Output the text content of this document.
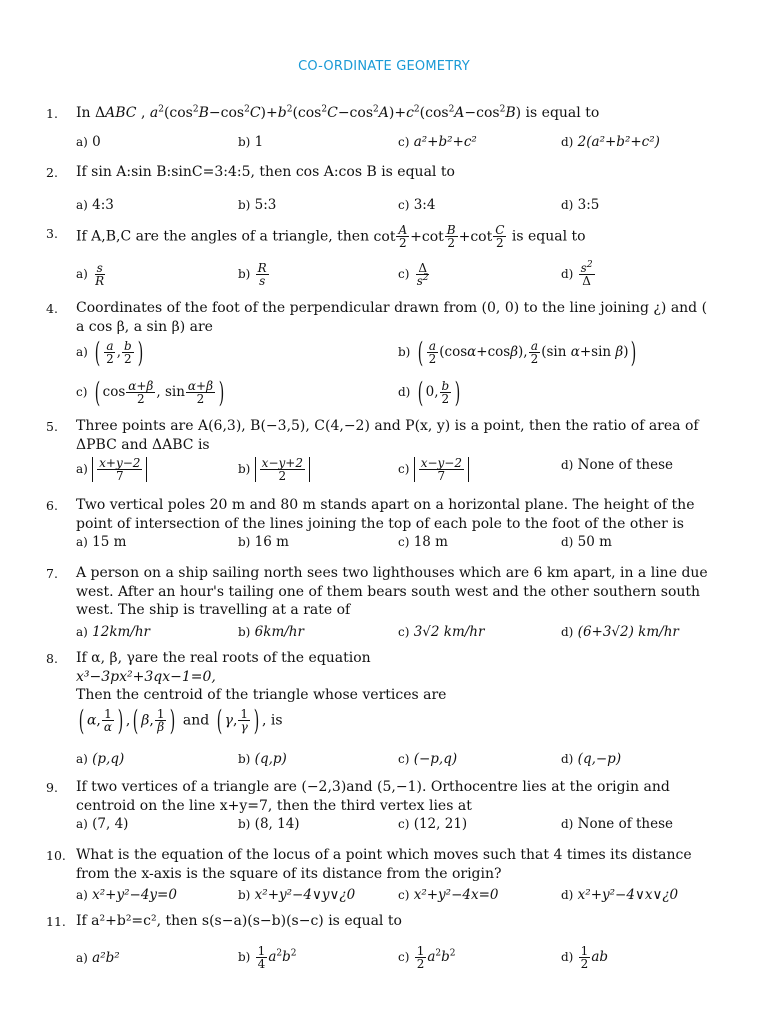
CO-ORDINATE GEOMETRY
1. In ΔABC , $a^2(\cos^2B-\cos^2C)+b^2(\cos^2C-\cos^2A)+c^2(\cos^2A-\cos^2B)$ is equal to
a) 0	b) 1	c) a²+b²+c²	d) 2(a²+b²+c²)
2. If sin A:sin B:sinC=3:4:5, then cos A:cos B is equal to
a) 4:3	b) 5:3	c) 3:4	d) 3:5
3. If A,B,C are the angles of a triangle, then $\cot \frac{A}{2} +\cot \frac{B}{2} +\cot \frac{C}{2}$ is equal to
$a) \frac{s}{R}$	$b) \frac{R}{s}$	$c) \frac{\Delta}{s^2}$	$d) \frac{s^2}{\Delta}$
4. Coordinates of the foot of the perpendicular drawn from (0, 0) to the line joining ¿) and (
a cos β, a sin β) are
a) ( $\frac{a}{2}$ , $\frac{b}{2}$ )	b) ( $\frac{a}{2} (\cos\alpha+\cos\beta)$, $\frac{a}{2} (\sin$ α+sin β))
c) ( $\cos \frac{\alpha+\beta}{2}$ , $\sin \frac{\alpha+\beta}{2}$ )	d) ( 0, $\frac{b}{2}$ )
5. Three points are A(6,3), B(−3,5), C(4,−2) and P(x, y) is a point, then the ratio of area of
ΔPBC and ΔABC is
$a) \frac{x+y-2}{7}$	$b) \frac{x-y+2}{2}$	$c) \frac{x-y-2}{7}$	d) None of these
6. Two vertical poles 20 m and 80 m stands apart on a horizontal plane. The height of the point of intersection of the lines joining the top of each pole to the foot of the other is
a) 15 m	b) 16 m	c) 18 m	d) 50 m
7. A person on a ship sailing north sees two lighthouses which are 6 km apart, in a line due west. After an hour's tailing one of them bears south west and the other southern south west. The ship is travelling at a rate of
a) 12km/hr	b) 6km/hr	c) 3√2 km/hr	d) (6+3√2) km/hr
8. If α, β, γare the real roots of the equation
x³−3px²+3qx−1=0,
Then the centroid of the triangle whose vertices are
( α, $\frac{1}{\alpha}$ ) ,( β, $\frac{1}{\beta}$ ) and ( γ, $\frac{1}{\gamma}$ ) , is
a) (p,q)	b) (q,p)	c) (−p,q)	d) (q,−p)
9. If two vertices of a triangle are (−2,3)and (5,−1). Orthocentre lies at the origin and centroid on the line x+y=7, then the third vertex lies at
a) (7, 4)	b) (8, 14)	c) (12, 21)	d) None of these
10. What is the equation of the locus of a point which moves such that 4 times its distance from the x-axis is the square of its distance from the origin?
a) x²+y²−4y=0	b) x²+y²−4∨y∨¿0	c) x²+y²−4x=0	d) x²+y²−4∨x∨¿0
11. If a²+b²=c², then s(s−a)(s−b)(s−c) is equal to
a) a²b²	$b) \frac{1}{4} a^2b^2$	$c) \frac{1}{2} a^2b^2$	$d) \frac{1}{2}$ ab
